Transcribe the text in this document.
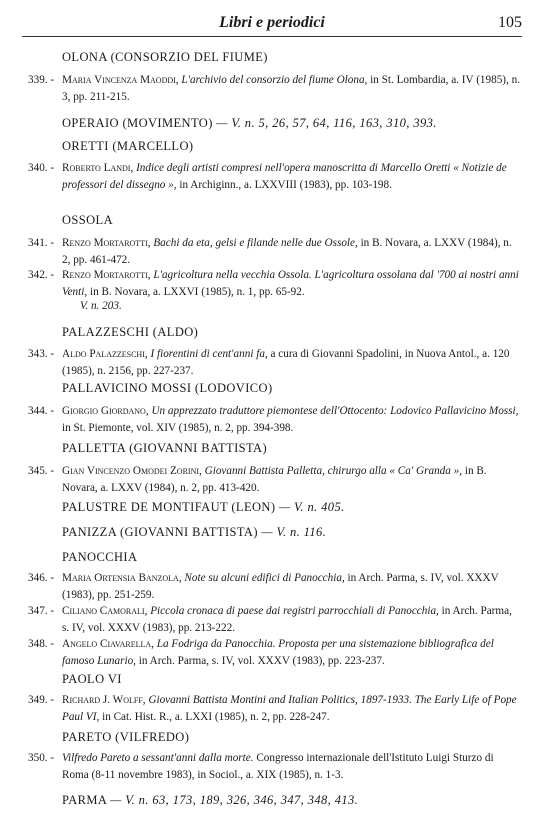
Libri e periodici	105
OLONA (CONSORZIO DEL FIUME)
339. - Maria Vincenza Maoddi, L'archivio del consorzio del fiume Olona, in St. Lombardia, a. IV (1985), n. 3, pp. 211-215.
OPERAIO (MOVIMENTO) — V. n. 5, 26, 57, 64, 116, 163, 310, 393.
ORETTI (MARCELLO)
340. - Roberto Landi, Indice degli artisti compresi nell'opera manoscritta di Marcello Oretti « Notizie de professori del dissegno », in Archiginn., a. LXXVIII (1983), pp. 103-198.
OSSOLA
341. - Renzo Mortarotti, Bachi da eta, gelsi e filande nelle due Ossole, in B. Novara, a. LXXV (1984), n. 2, pp. 461-472.
342. - Renzo Mortarotti, L'agricoltura nella vecchia Ossola. L'agricoltura ossolana dal '700 ai nostri anni Venti, in B. Novara, a. LXXVI (1985), n. 1, pp. 65-92.
V. n. 203.
PALAZZESCHI (ALDO)
343. - Aldo Palazzeschi, I fiorentini di cent'anni fa, a cura di Giovanni Spadolini, in Nuova Antol., a. 120 (1985), n. 2156, pp. 227-237.
PALLAVICINO MOSSI (LODOVICO)
344. - Giorgio Giordano, Un apprezzato traduttore piemontese dell'Ottocento: Lodovico Pallavicino Mossi, in St. Piemonte, vol. XIV (1985), n. 2, pp. 394-398.
PALLETTA (GIOVANNI BATTISTA)
345. - Gian Vincenzo Omodei Zorini, Giovanni Battista Palletta, chirurgo alla « Ca' Granda », in B. Novara, a. LXXV (1984), n. 2, pp. 413-420.
PALUSTRE DE MONTIFAUT (LEON) — V. n. 405.
PANIZZA (GIOVANNI BATTISTA) — V. n. 116.
PANOCCHIA
346. - Maria Ortensia Banzola, Note su alcuni edifici di Panocchia, in Arch. Parma, s. IV, vol. XXXV (1983), pp. 251-259.
347. - Ciliano Camorali, Piccola cronaca di paese dai registri parrocchiali di Panocchia, in Arch. Parma, s. IV, vol. XXXV (1983), pp. 213-222.
348. - Angelo Ciavarella, La Fodriga da Panocchia. Proposta per una sistemazione bibliografica del famoso Lunario, in Arch. Parma, s. IV, vol. XXXV (1983), pp. 223-237.
PAOLO VI
349. - Richard J. Wolff, Giovanni Battista Montini and Italian Politics, 1897-1933. The Early Life of Pope Paul VI, in Cat. Hist. R., a. LXXI (1985), n. 2, pp. 228-247.
PARETO (VILFREDO)
350. - Vilfredo Pareto a sessant'anni dalla morte. Congresso internazionale dell'Istituto Luigi Sturzo di Roma (8-11 novembre 1983), in Sociol., a. XIX (1985), n. 1-3.
PARMA — V. n. 63, 173, 189, 326, 346, 347, 348, 413.
